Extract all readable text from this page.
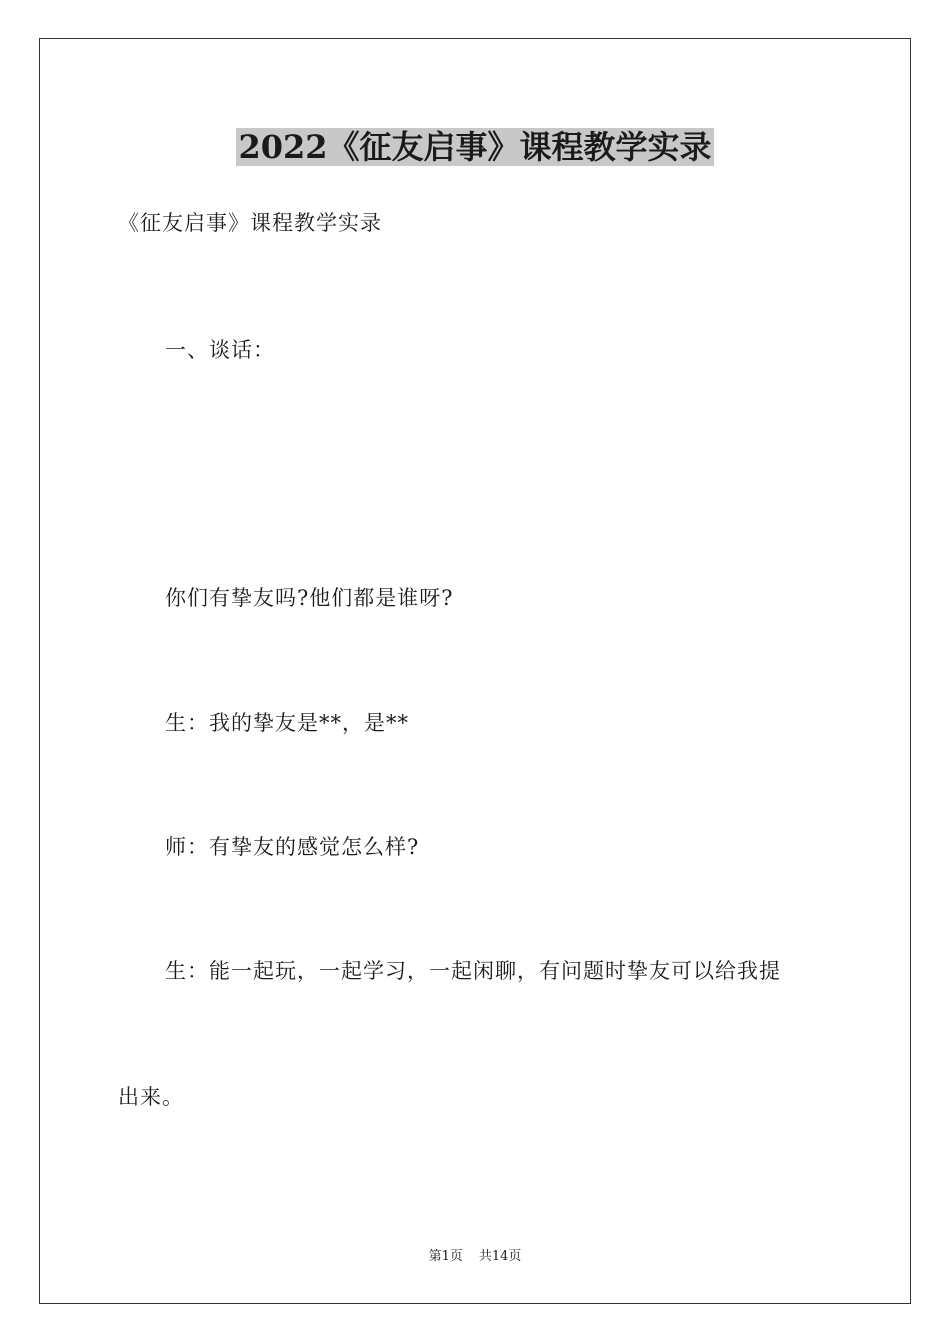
2022《征友启事》课程教学实录
《征友启事》课程教学实录
一、谈话：
你们有挚友吗?他们都是谁呀?
生：我的挚友是**，是**
师：有挚友的感觉怎么样?
生：能一起玩，一起学习，一起闲聊，有问题时挚友可以给我提
出来。
第1页 共14页
